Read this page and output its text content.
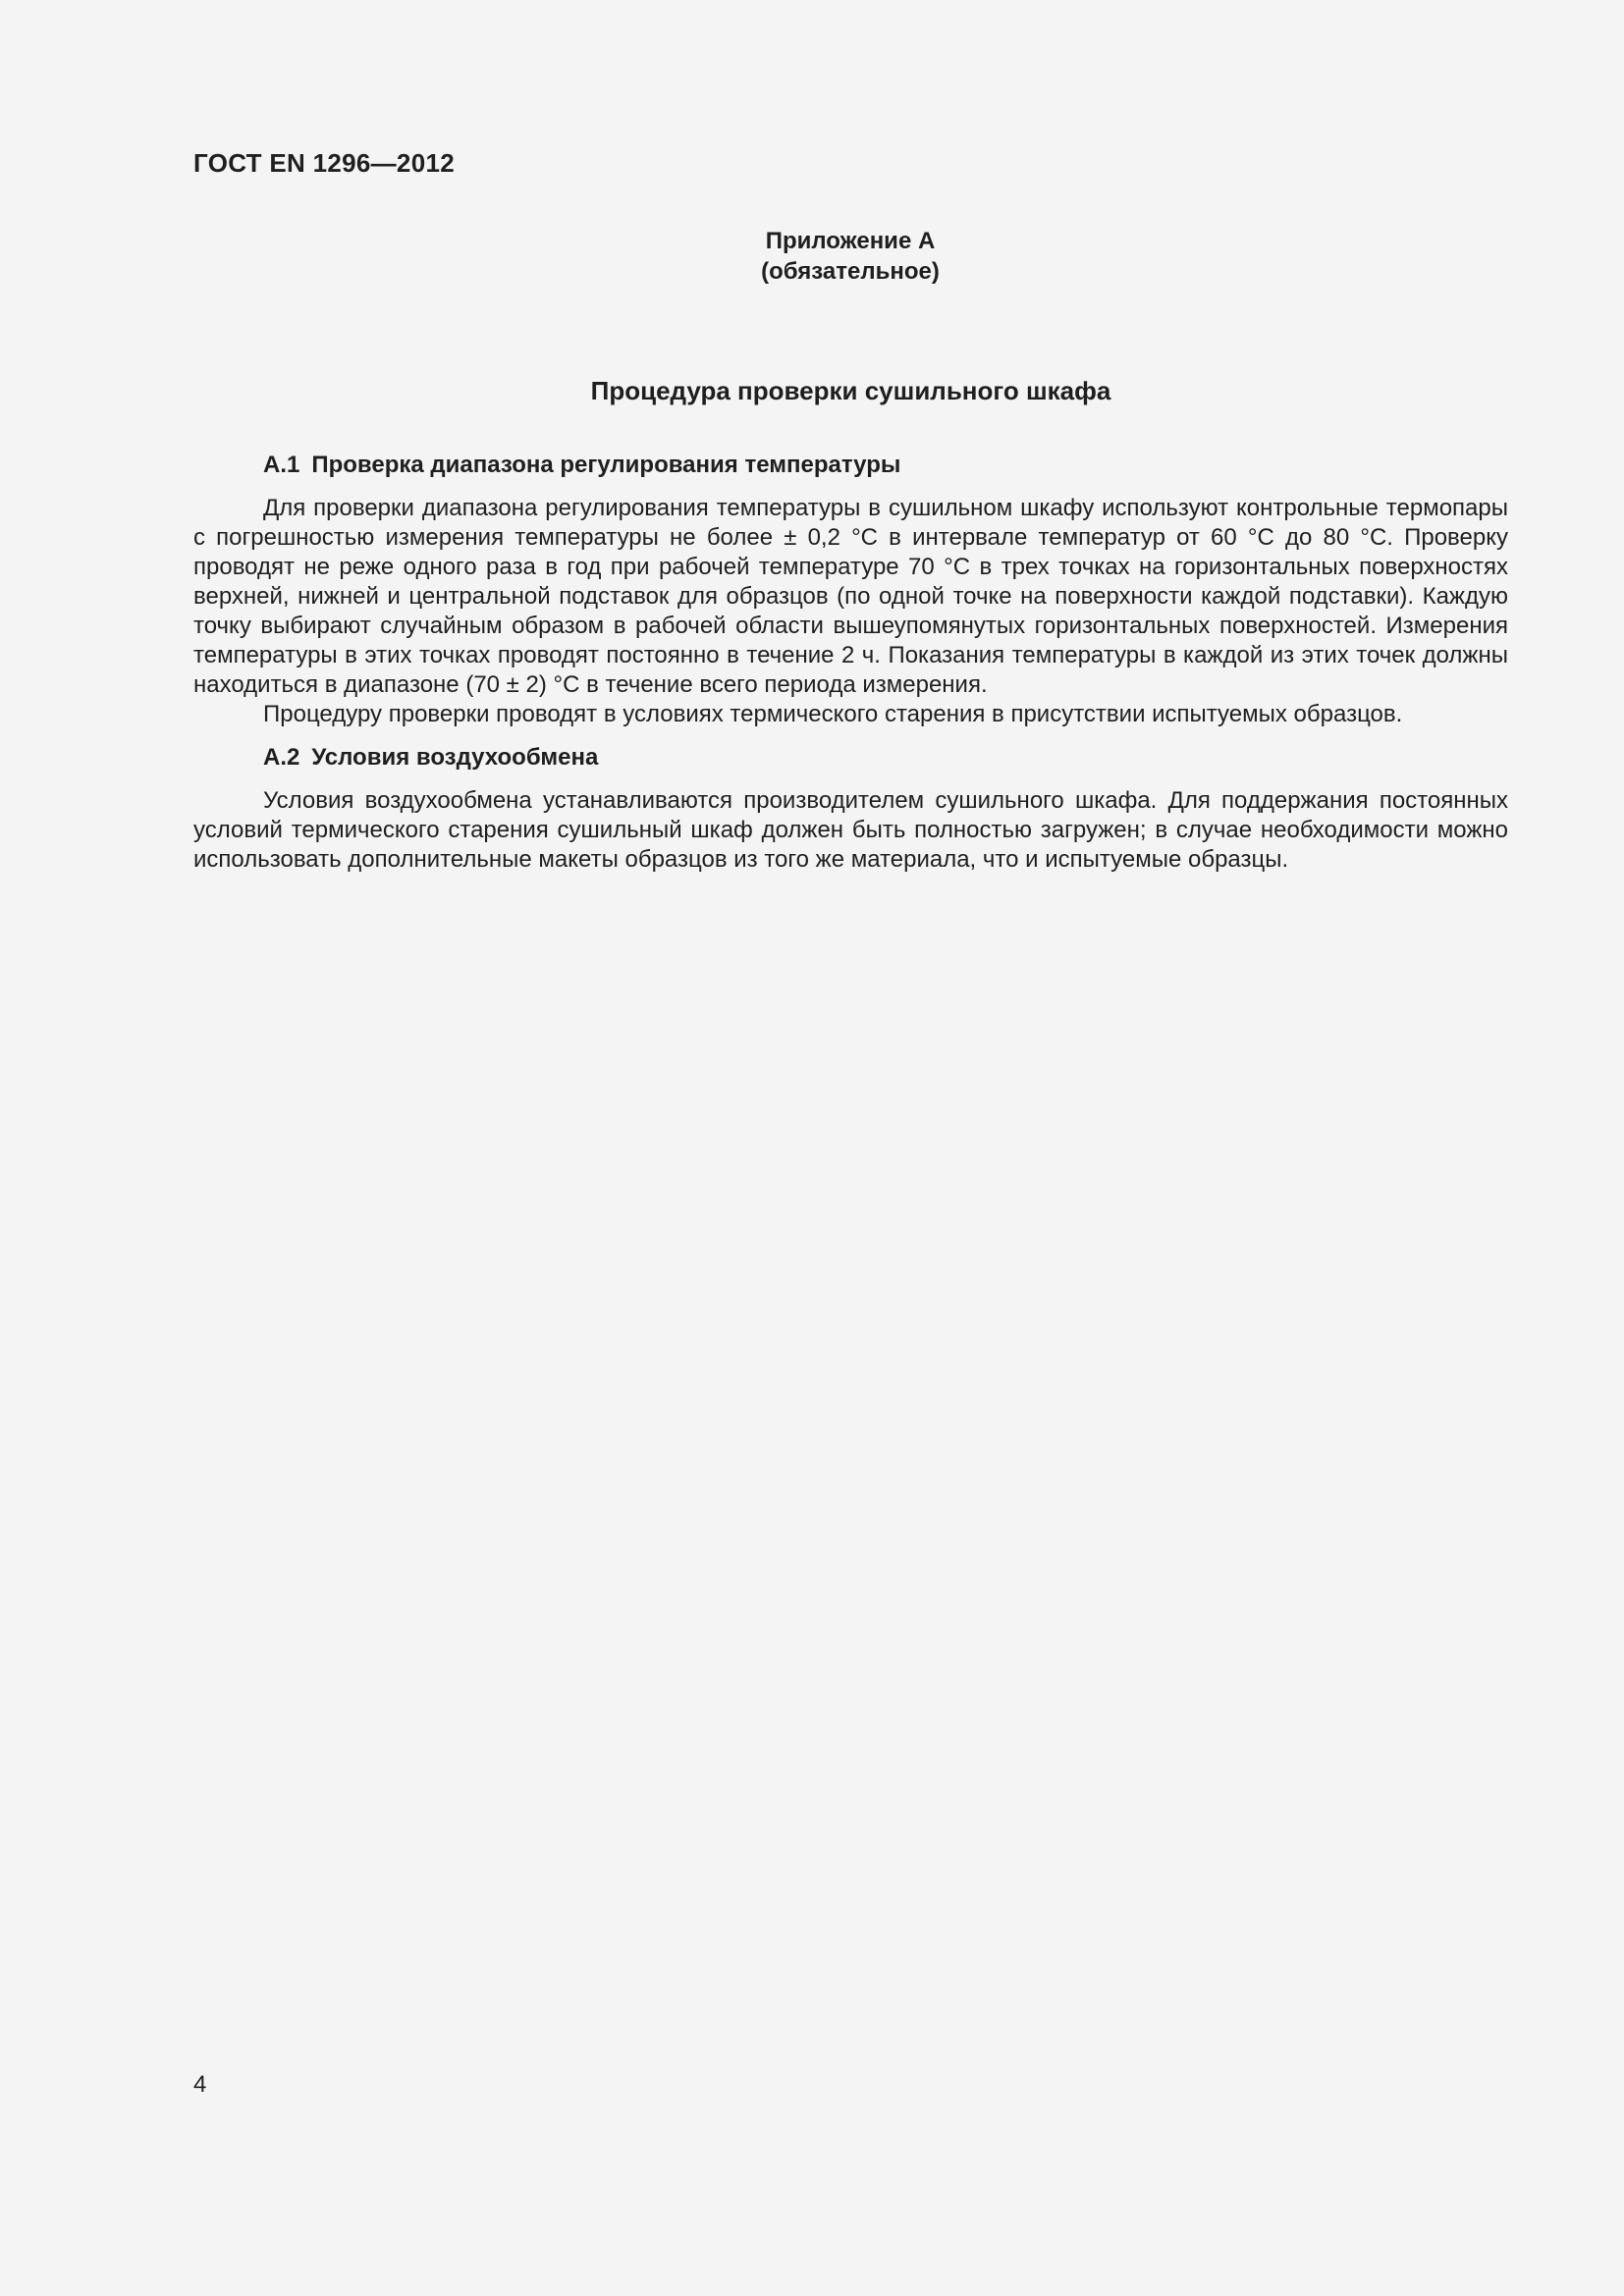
ГОСТ EN 1296—2012
Приложение А
(обязательное)
Процедура проверки сушильного шкафа
А.1 Проверка диапазона регулирования температуры

Для проверки диапазона регулирования температуры в сушильном шкафу используют контрольные термопары с погрешностью измерения температуры не более ± 0,2 °С в интервале температур от 60 °С до 80 °С. Проверку проводят не реже одного раза в год при рабочей температуре 70 °С в трех точках на горизонтальных поверхностях верхней, нижней и центральной подставок для образцов (по одной точке на поверхности каждой подставки). Каждую точку выбирают случайным образом в рабочей области вышеупомянутых горизонтальных поверхностей. Измерения температуры в этих точках проводят постоянно в течение 2 ч. Показания температуры в каждой из этих точек должны находиться в диапазоне (70 ± 2) °С в течение всего периода измерения.

Процедуру проверки проводят в условиях термического старения в присутствии испытуемых образцов.

А.2 Условия воздухообмена

Условия воздухообмена устанавливаются производителем сушильного шкафа. Для поддержания постоянных условий термического старения сушильный шкаф должен быть полностью загружен; в случае необходимости можно использовать дополнительные макеты образцов из того же материала, что и испытуемые образцы.

4
